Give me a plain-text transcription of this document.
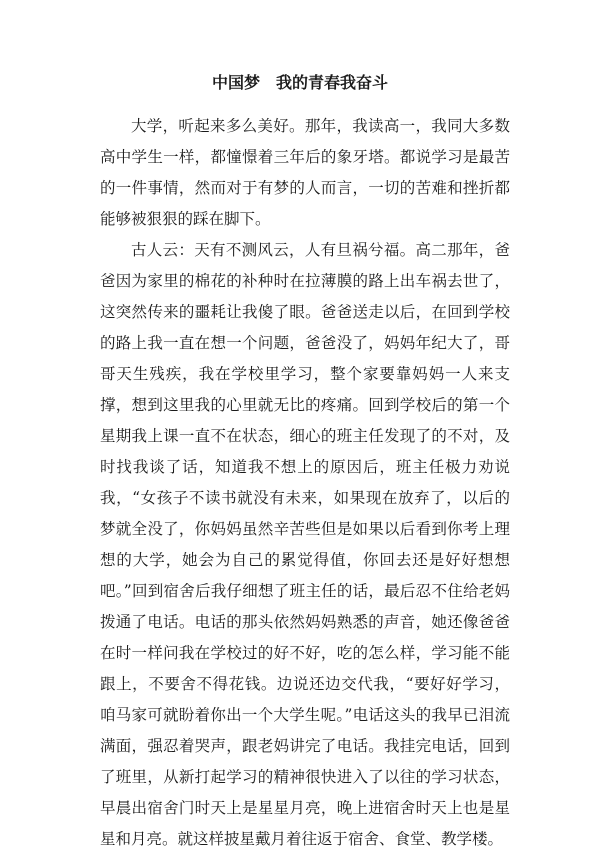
中国梦　我的青春我奋斗

大学，听起来多么美好。那年，我读高一，我同大多数高中学生一样，都憧憬着三年后的象牙塔。都说学习是最苦的一件事情，然而对于有梦的人而言，一切的苦难和挫折都能够被狠狠的踩在脚下。

古人云：天有不测风云，人有旦祸兮福。高二那年，爸爸因为家里的棉花的补种时在拉薄膜的路上出车祸去世了，这突然传来的噩耗让我傻了眼。爸爸送走以后，在回到学校的路上我一直在想一个问题，爸爸没了，妈妈年纪大了，哥哥天生残疾，我在学校里学习，整个家要靠妈妈一人来支撑，想到这里我的心里就无比的疼痛。回到学校后的第一个星期我上课一直不在状态，细心的班主任发现了的不对，及时找我谈了话，知道我不想上的原因后，班主任极力劝说我，“女孩子不读书就没有未来，如果现在放弃了，以后的梦就全没了，你妈妈虽然辛苦些但是如果以后看到你考上理想的大学，她会为自己的累觉得值，你回去还是好好想想吧。”回到宿舍后我仔细想了班主任的话，最后忍不住给老妈拨通了电话。电话的那头依然妈妈熟悉的声音，她还像爸爸在时一样问我在学校过的好不好，吃的怎么样，学习能不能跟上，不要舍不得花钱。边说还边交代我，“要好好学习，咱马家可就盼着你出一个大学生呢。”电话这头的我早已泪流满面，强忍着哭声，跟老妈讲完了电话。我挂完电话，回到了班里，从新打起学习的精神很快进入了以往的学习状态，早晨出宿舍门时天上是星星月亮，晚上进宿舍时天上也是星星和月亮。就这样披星戴月着往返于宿舍、食堂、教学楼。
